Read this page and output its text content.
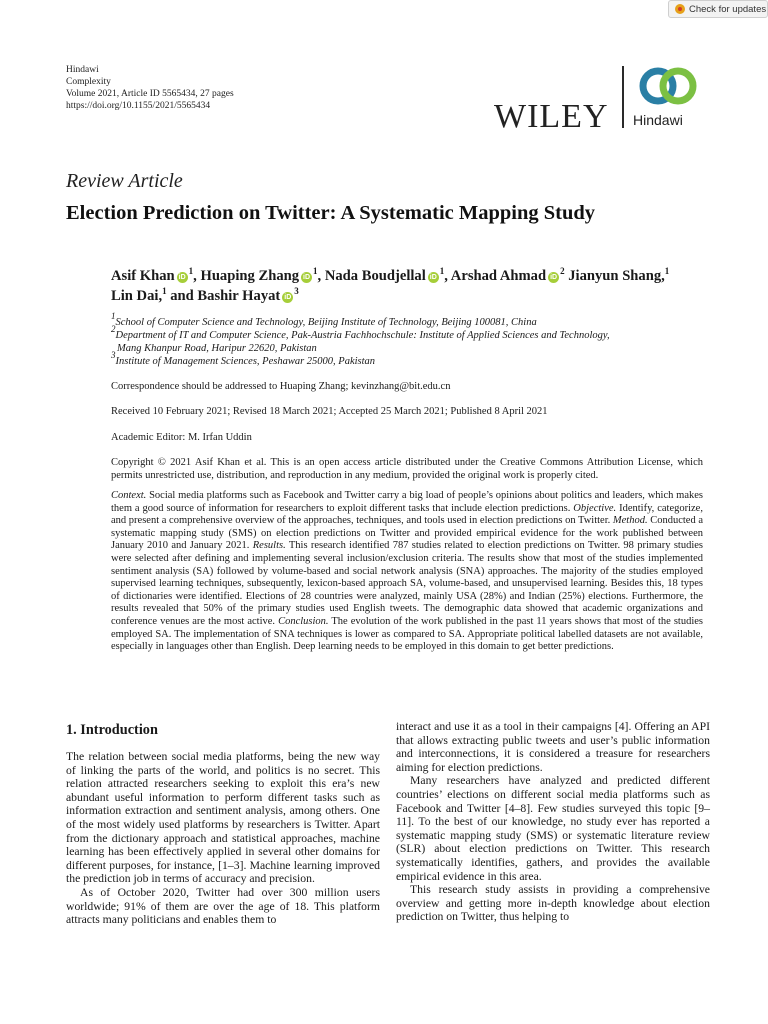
Check for updates
Hindawi
Complexity
Volume 2021, Article ID 5565434, 27 pages
https://doi.org/10.1155/2021/5565434	WILEY Hindawi
Review Article
Election Prediction on Twitter: A Systematic Mapping Study
Asif Khan $iD^1$, Huaping Zhang $iD^1$, Nada Boudjellal $iD^1$, Arshad Ahmad $iD^2$ Jianyun Shang,$^1$
Lin Dai,$^1$ and Bashir Hayat $iD^3$
$^1$School of Computer Science and Technology, Beijing Institute of Technology, Beijing 100081, China
$^2$Department of IT and Computer Science, Pak-Austria Fachhochschule: Institute of Applied Sciences and Technology,
Mang Khanpur Road, Haripur 22620, Pakistan
$^3$Institute of Management Sciences, Peshawar 25000, Pakistan
Correspondence should be addressed to Huaping Zhang; kevinzhang@bit.edu.cn
Received 10 February 2021; Revised 18 March 2021; Accepted 25 March 2021; Published 8 April 2021
Academic Editor: M. Irfan Uddin
Copyright © 2021 Asif Khan et al. This is an open access article distributed under the Creative Commons Attribution License, which permits unrestricted use, distribution, and reproduction in any medium, provided the original work is properly cited.
Context. Social media platforms such as Facebook and Twitter carry a big load of people’s opinions about politics and leaders, which makes them a good source of information for researchers to exploit different tasks that include election predictions. Objective. Identify, categorize, and present a comprehensive overview of the approaches, techniques, and tools used in election predictions on Twitter. Method. Conducted a systematic mapping study (SMS) on election predictions on Twitter and provided empirical evidence for the work published between January 2010 and January 2021. Results. This research identified 787 studies related to election predictions on Twitter. 98 primary studies were selected after defining and implementing several inclusion/exclusion criteria. The results show that most of the studies implemented sentiment analysis (SA) followed by volume-based and social network analysis (SNA) approaches. The majority of the studies employed supervised learning techniques, subsequently, lexicon-based approach SA, volume-based, and unsupervised learning. Besides this, 18 types of dictionaries were identified. Elections of 28 countries were analyzed, mainly USA (28%) and Indian (25%) elections. Furthermore, the results revealed that 50% of the primary studies used English tweets. The demographic data showed that academic organizations and conference venues are the most active. Conclusion. The evolution of the work published in the past 11 years shows that most of the studies employed SA. The implementation of SNA techniques is lower as compared to SA. Appropriate political labelled datasets are not available, especially in languages other than English. Deep learning needs to be employed in this domain to get better predictions.
1. Introduction

The relation between social media platforms, being the new way of linking the parts of the world, and politics is no secret. This relation attracted researchers seeking to exploit this era’s new abundant useful information to perform different tasks such as information extraction and sentiment analysis, among others. One of the most widely used platforms by researchers is Twitter. Apart from the dictionary approach and statistical approaches, machine learning has been effectively applied in several other domains for different purposes, for instance, [1–3]. Machine learning improved the prediction job in terms of accuracy and precision.

As of October 2020, Twitter had over 300 million users worldwide; 91% of them are over the age of 18. This platform attracts many politicians and enables them to

interact and use it as a tool in their campaigns [4]. Offering an API that allows extracting public tweets and user’s public information and interconnections, it is considered a treasure for researchers aiming for election predictions.

Many researchers have analyzed and predicted different countries’ elections on different social media platforms such as Facebook and Twitter [4–8]. Few studies surveyed this topic [9–11]. To the best of our knowledge, no study ever has reported a systematic mapping study (SMS) or systematic literature review (SLR) about election predictions on Twitter. This research systematically identifies, gathers, and provides the available empirical evidence in this area.

This research study assists in providing a comprehensive overview and getting more in-depth knowledge about election prediction on Twitter, thus helping to
